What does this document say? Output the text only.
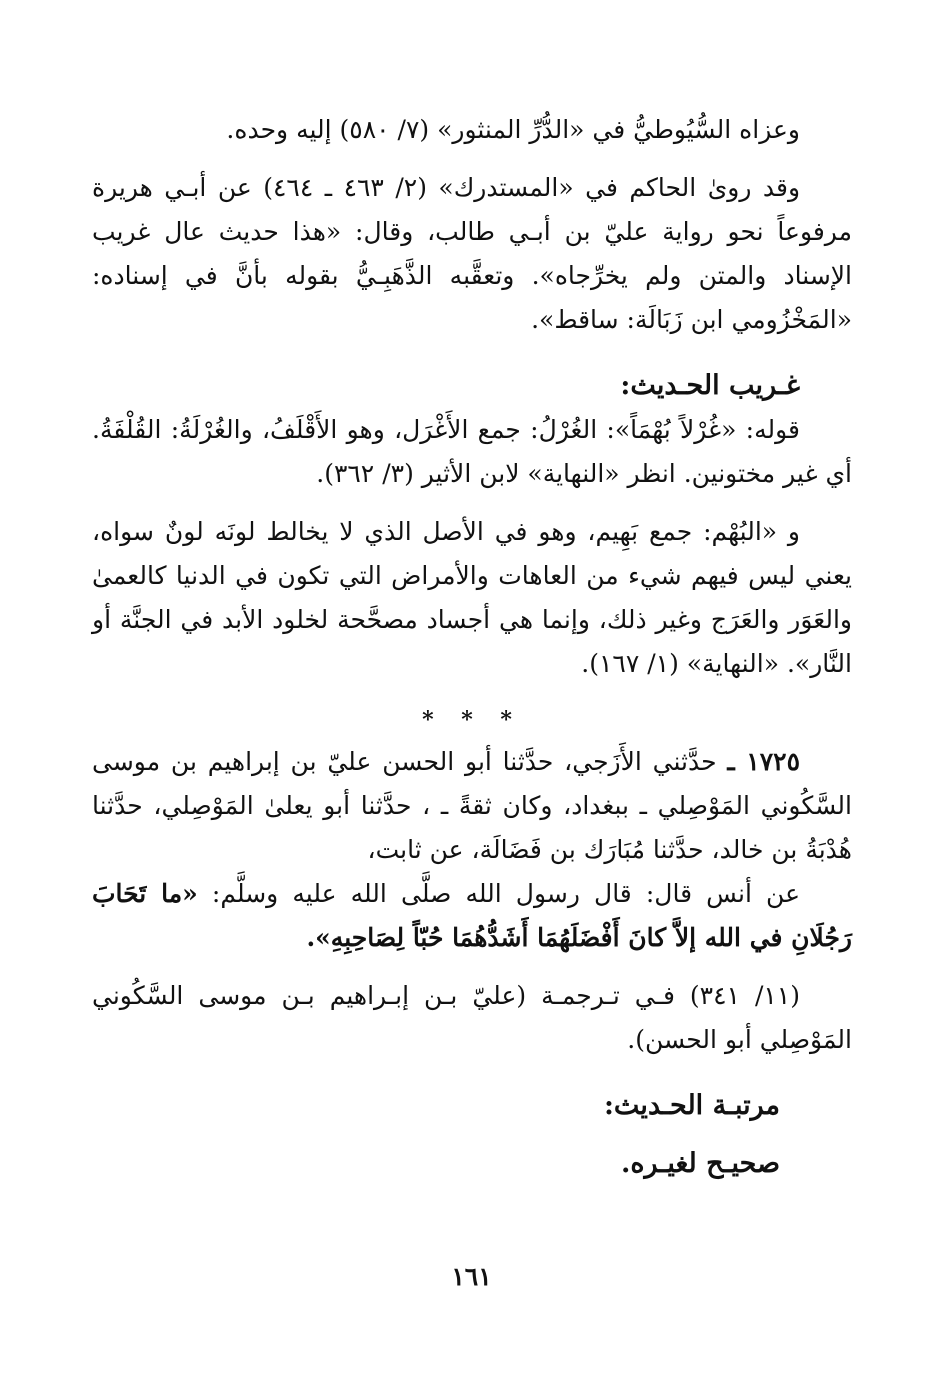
وعزاه السُّيُوطيُّ في «الدُّرِّ المنثور» (٧/ ٥٨٠) إليه وحده.

وقد رویٰ الحاكم في «المستدرك» (٢/ ٤٦٣ ـ ٤٦٤) عن أبـي هريرة مرفوعاً نحو رواية عليّ بن أبـي طالب، وقال: «هذا حديث عال غريب الإسناد والمتن ولم يخرِّجاه». وتعقَّبه الذَّهَبِـيُّ بقوله بأنَّ في إسناده: «المَخْزُومي ابن زَبَالَة: ساقط».

غـريب الحـديث:

قوله: «غُرْلاً بُهْمَاً»: الغُرْلُ: جمع الأَغْرَل، وهو الأَقْلَفُ، والغُرْلَةُ: القُلْفَةُ. أي غير مختونين. انظر «النهاية» لابن الأثير (٣/ ٣٦٢).

و «البُهْم: جمع بَهِيم، وهو في الأصل الذي لا يخالط لونَه لونٌ سواه، يعني ليس فيهم شيء من العاهات والأمراض التي تكون في الدنيا كالعمىٰ والعَوَر والعَرَج وغير ذلك، وإنما هي أجساد مصحَّحة لخلود الأبد في الجنَّة أو النَّار». «النهاية» (١/ ١٦٧).

* * *

١٧٢٥ ـ حدَّثني الأَزَجي، حدَّثنا أبو الحسن عليّ بن إبراهيم بن موسى السَّكُوني المَوْصِلي ـ ببغداد، وكان ثقةً ـ ، حدَّثنا أبو يعلىٰ المَوْصِلي، حدَّثنا هُدْبَةُ بن خالد، حدَّثنا مُبَارَك بن فَضَالَة، عن ثابت،

عن أنس قال: قال رسول الله صلَّى الله عليه وسلَّم: «ما تَحَابَ رَجُلَانِ في الله إلاَّ كانَ أَفْضَلَهُمَا أَشَدُّهُمَا حُبّاً لِصَاحِبِهِ».

(١١/ ٣٤١) فـي تـرجمـة (عليّ بـن إبـراهيم بـن موسى السَّكُوني المَوْصِلي أبو الحسن).

مرتبـة الحـديث:

صحيـح لغيـره.

١٦١
